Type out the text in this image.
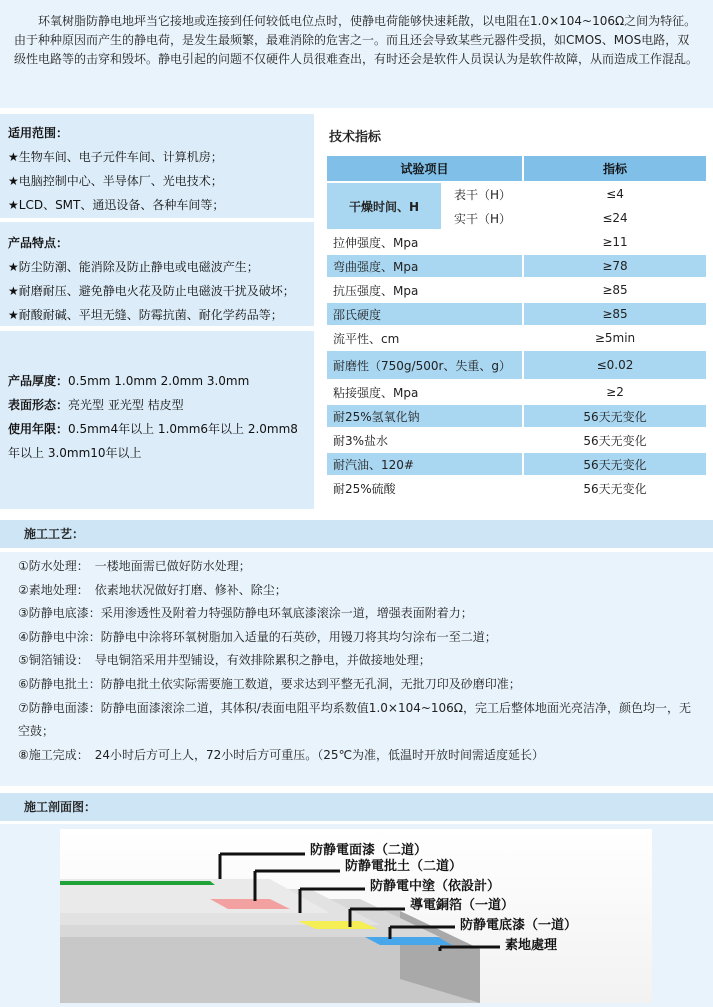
环氧树脂防静电地坪当它接地或连接到任何较低电位点时，使静电荷能够快速耗散，以电阻在1.0×104~106Ω之间为特征。由于种种原因而产生的静电荷，是发生最频繁，最难消除的危害之一。而且还会导致某些元器件受损，如CMOS、MOS电路，双级性电路等的击穿和毁坏。静电引起的问题不仅硬件人员很难查出，有时还会是软件人员误认为是软件故障，从而造成工作混乱。

适用范围：
★生物车间、电子元件车间、计算机房；
★电脑控制中心、半导体厂、光电技术；
★LCD、SMT、通迅设备、各种车间等；
产品特点：
★防尘防潮、能消除及防止静电或电磁波产生；
★耐磨耐压、避免静电火花及防止电磁波干扰及破坏；
★耐酸耐碱、平坦无缝、防霉抗菌、耐化学药品等；
产品厚度：0.5mm 1.0mm 2.0mm 3.0mm
表面形态：亮光型 亚光型 桔皮型
使用年限：0.5mm4年以上 1.0mm6年以上 2.0mm8年以上 3.0mm10年以上
技术指标
试验项目		指标
干燥时间、H	表干（H）	≤4
	实干（H）	≤24
拉伸强度、Mpa		≥11
弯曲强度、Mpa		≥78
抗压强度、Mpa		≥85
邵氏硬度		≥85
流平性、cm		≥5min
耐磨性（750g/500r、失重、g）		≤0.02
粘接强度、Mpa		≥2
耐25%氢氧化钠		56天无变化
耐3%盐水		56天无变化
耐汽油、120#		56天无变化
耐25%硫酸		56天无变化
施工工艺：
①防水处理：　一楼地面需已做好防水处理；
②素地处理：　依素地状况做好打磨、修补、除尘；
③防静电底漆：采用渗透性及附着力特强防静电环氧底漆滚涂一道，增强表面附着力；
④防静电中涂：防静电中涂将环氧树脂加入适量的石英砂，用镘刀将其均匀涂布一至二道；
⑤铜箔铺设：　导电铜箔采用井型铺设，有效排除累积之静电，并做接地处理；
⑥防静电批土：防静电批土依实际需要施工数道，要求达到平整无孔洞，无批刀印及砂磨印准；
⑦防静电面漆：防静电面漆滚涂二道，其体积/表面电阻平均系数值1.0×104~106Ω，完工后整体地面光亮洁净，颜色均一，无空鼓；
⑧施工完成：　24小时后方可上人，72小时后方可重压。（25℃为准，低温时开放时间需适度延长）
施工剖面图：
防静電面漆（二道）
防静電批土（二道）
防静電中塗（依設計）
導電銅箔（一道）
防静電底漆（一道）
素地處理
